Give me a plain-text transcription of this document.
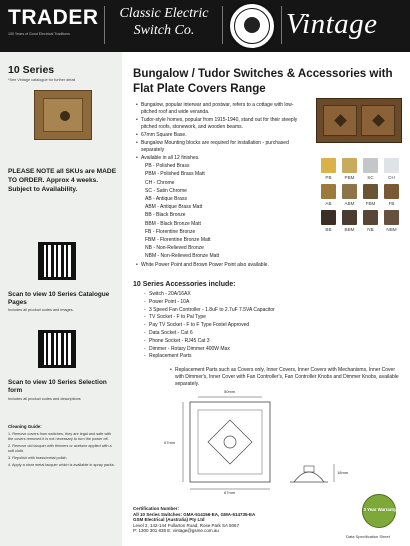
TRADER
100 Years of Good Electrical Traditions
Classic Electric Switch Co.	Vintage
10 Series
*See Vintage catalogue for further detail
PLEASE NOTE all SKUs are MADE TO ORDER. Approx 4 weeks. Subject to Availability.
Scan to view 10 Series Catalogue Pages
Includes all product codes and images.
Scan to view 10 Series Selection form
Includes all product codes and descriptions
Cleaning Guide:
1. Remove covers from switches, they are legal and safe with the covers removed it is not necessary to turn the power off.
2. Remove old lacquer with thinners or acetone applied with a soft cloth.
3. Repolish with brass/metal polish
4. Apply a clear metal lacquer which is available in spray packs.
Bungalow / Tudor Switches & Accessories with Flat Plate Covers Range
• Bungalow, popular interwar and postwar, refers to a cottage with low-pitched roof and wide veranda.
• Tudor-style homes, popular from 1915-1940, stand out for their steeply pitched roofs, stonework, and wooden beams.
• 67mm Square Base.
• Bungalow Mounting blocks are required for installation - purchased separately
• Available in all 12 finishes.
PB - Polished Brass
PBM - Polished Brass Matt
CH - Chrome
SC - Satin Chrome
AB - Antique Brass
ABM - Antique Brass Matt
BB - Black Bronze
BBM - Black Bronze Matt
FB - Florentine Bronze
FBM - Florentine Bronze Matt
NB - Non-Relieved Bronze
NBM - Non-Relieved Bronze Matt
• White Power Point and Brown Power Point also available.
PB	PBM	SC	CH
AB	ABM	FBM	FB
BB	BBM	NB	NBM
10 Series Accessories include:
- Switch - 20A/16AX
- Power Point - 10A
- 3 Speed Fan Controller - 1.8uF to 2.7uF 7.5VA Capacitor
- TV Socket - F to Pal Type
- Pay TV Socket - F to F Type Foxtel Approved
- Data Socket - Cat 6
- Phone Socket - RJ45 Cat 3
- Dimmer - Rotary Dimmer 400W Max
- Replacement Parts
• Replacement Parts such as Covers only, Inner Covers, Inner Covers with Mechanisms, Inner Cover with Dimmer's, Inner Cover with Fan Controller's, Fan Controller Knobs and Dimmer Knobs, available separately.
50mm
67mm
18mm
67mm
Certification Number:
All 10 Series Switches: GMA-514156-EA, GMA-514735-EA
GSM Electrical (Australia) Pty Ltd
Level 2, 142-144 Fullarton Road, Rose Park SA 5067
P: 1300 301 838 E: vintage@gsme.com.au
3 Year Warranty
Data Specification Sheet
